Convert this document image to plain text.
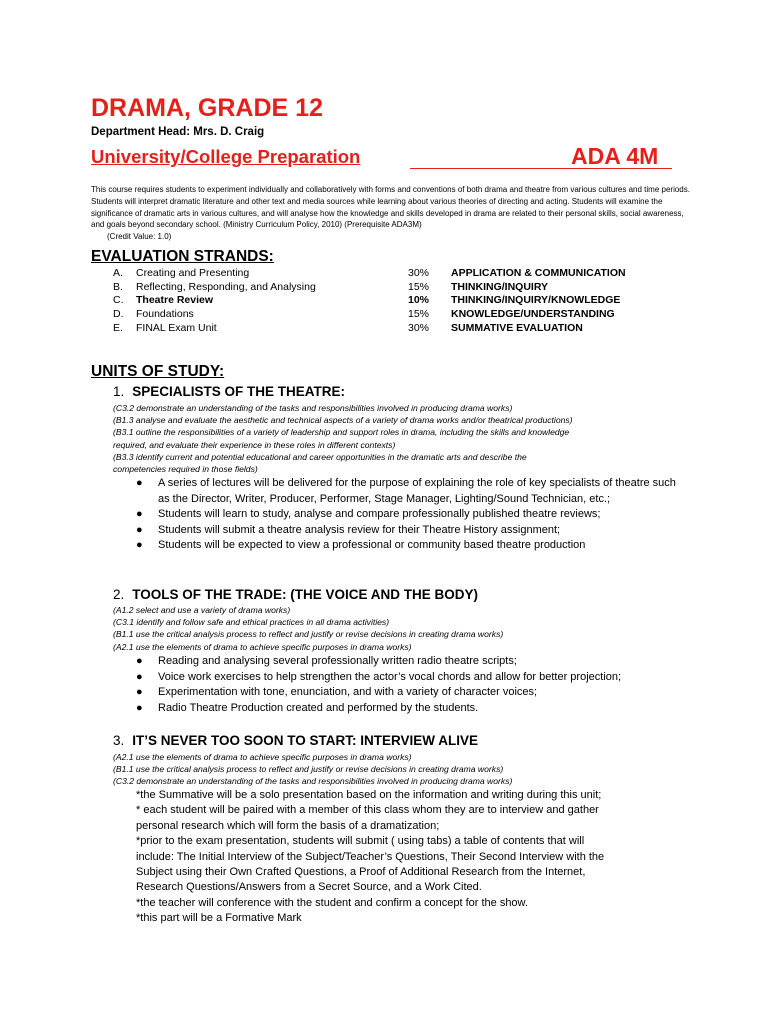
DRAMA, GRADE 12
Department Head: Mrs. D. Craig
University/College Preparation	ADA 4M
This course requires students to experiment individually and collaboratively with forms and conventions of both drama and theatre from various cultures and time periods. Students will interpret dramatic literature and other text and media sources while learning about various theories of directing and acting. Students will examine the significance of dramatic arts in various cultures, and will analyse how the knowledge and skills developed in drama are related to their personal skills, social awareness, and goals beyond secondary school. (Ministry Curriculum Policy, 2010) (Prerequisite ADA3M)
(Credit Value: 1.0)
EVALUATION STRANDS:
A. Creating and Presenting	30% APPLICATION & COMMUNICATION
B. Reflecting, Responding, and Analysing	15% THINKING/INQUIRY
C. Theatre Review	10% THINKING/INQUIRY/KNOWLEDGE
D. Foundations	15% KNOWLEDGE/UNDERSTANDING
E. FINAL Exam Unit	30% SUMMATIVE EVALUATION
UNITS OF STUDY:
1. SPECIALISTS OF THE THEATRE:
(C3.2 demonstrate an understanding of the tasks and responsibilities involved in producing drama works)
(B1.3 analyse and evaluate the aesthetic and technical aspects of a variety of drama works and/or theatrical productions)
(B3.1 outline the responsibilities of a variety of leadership and support roles in drama, including the skills and knowledge
required, and evaluate their experience in these roles in different contexts)
(B3.3 identify current and potential educational and career opportunities in the dramatic arts and describe the
competencies required in those fields)
● A series of lectures will be delivered for the purpose of explaining the role of key specialists of theatre such as the Director, Writer, Producer, Performer, Stage Manager, Lighting/Sound Technician, etc.;
● Students will learn to study, analyse and compare professionally published theatre reviews;
● Students will submit a theatre analysis review for their Theatre History assignment;
● Students will be expected to view a professional or community based theatre production
2. TOOLS OF THE TRADE: (THE VOICE AND THE BODY)
(A1.2 select and use a variety of drama works)
(C3.1 identify and follow safe and ethical practices in all drama activities)
(B1.1 use the critical analysis process to reflect and justify or revise decisions in creating drama works)
(A2.1 use the elements of drama to achieve specific purposes in drama works)
● Reading and analysing several professionally written radio theatre scripts;
● Voice work exercises to help strengthen the actor’s vocal chords and allow for better projection;
● Experimentation with tone, enunciation, and with a variety of character voices;
● Radio Theatre Production created and performed by the students.
3. IT’S NEVER TOO SOON TO START: INTERVIEW ALIVE
(A2.1 use the elements of drama to achieve specific purposes in drama works)
(B1.1 use the critical analysis process to reflect and justify or revise decisions in creating drama works)
(C3.2 demonstrate an understanding of the tasks and responsibilities involved in producing drama works)
*the Summative will be a solo presentation based on the information and writing during this unit;
* each student will be paired with a member of this class whom they are to interview and gather
personal research which will form the basis of a dramatization;
*prior to the exam presentation, students will submit ( using tabs) a table of contents that will
include: The Initial Interview of the Subject/Teacher’s Questions, Their Second Interview with the
Subject using their Own Crafted Questions, a Proof of Additional Research from the Internet,
Research Questions/Answers from a Secret Source, and a Work Cited.
*the teacher will conference with the student and confirm a concept for the show.
*this part will be a Formative Mark
